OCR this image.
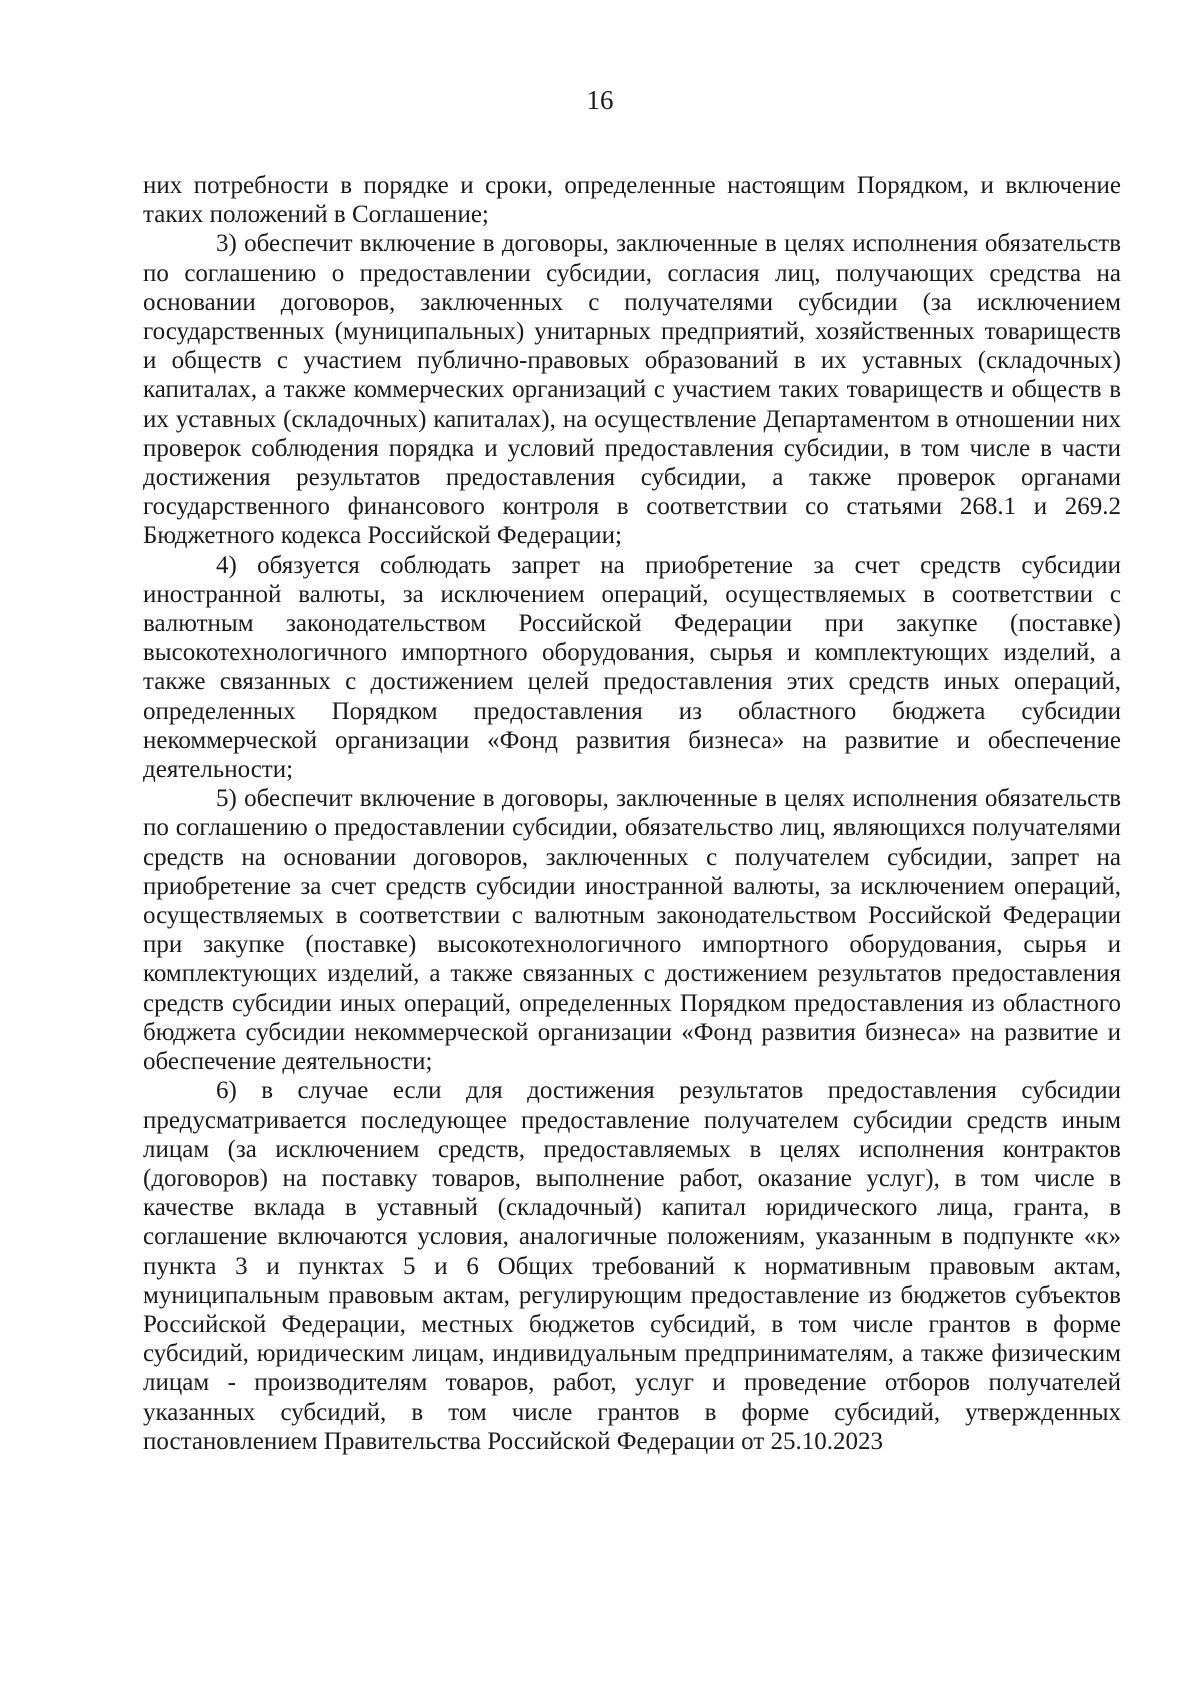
16

них потребности в порядке и сроки, определенные настоящим Порядком, и включение таких положений в Соглашение;

3) обеспечит включение в договоры, заключенные в целях исполнения обязательств по соглашению о предоставлении субсидии, согласия лиц, получающих средства на основании договоров, заключенных с получателями субсидии (за исключением государственных (муниципальных) унитарных предприятий, хозяйственных товариществ и обществ с участием публично-правовых образований в их уставных (складочных) капиталах, а также коммерческих организаций с участием таких товариществ и обществ в их уставных (складочных) капиталах), на осуществление Департаментом в отношении них проверок соблюдения порядка и условий предоставления субсидии, в том числе в части достижения результатов предоставления субсидии, а также проверок органами государственного финансового контроля в соответствии со статьями 268.1 и 269.2 Бюджетного кодекса Российской Федерации;

4) обязуется соблюдать запрет на приобретение за счет средств субсидии иностранной валюты, за исключением операций, осуществляемых в соответствии с валютным законодательством Российской Федерации при закупке (поставке) высокотехнологичного импортного оборудования, сырья и комплектующих изделий, а также связанных с достижением целей предоставления этих средств иных операций, определенных Порядком предоставления из областного бюджета субсидии некоммерческой организации «Фонд развития бизнеса» на развитие и обеспечение деятельности;

5) обеспечит включение в договоры, заключенные в целях исполнения обязательств по соглашению о предоставлении субсидии, обязательство лиц, являющихся получателями средств на основании договоров, заключенных с получателем субсидии, запрет на приобретение за счет средств субсидии иностранной валюты, за исключением операций, осуществляемых в соответствии с валютным законодательством Российской Федерации при закупке (поставке) высокотехнологичного импортного оборудования, сырья и комплектующих изделий, а также связанных с достижением результатов предоставления средств субсидии иных операций, определенных Порядком предоставления из областного бюджета субсидии некоммерческой организации «Фонд развития бизнеса» на развитие и обеспечение деятельности;

6) в случае если для достижения результатов предоставления субсидии предусматривается последующее предоставление получателем субсидии средств иным лицам (за исключением средств, предоставляемых в целях исполнения контрактов (договоров) на поставку товаров, выполнение работ, оказание услуг), в том числе в качестве вклада в уставный (складочный) капитал юридического лица, гранта, в соглашение включаются условия, аналогичные положениям, указанным в подпункте «к» пункта 3 и пунктах 5 и 6 Общих требований к нормативным правовым актам, муниципальным правовым актам, регулирующим предоставление из бюджетов субъектов Российской Федерации, местных бюджетов субсидий, в том числе грантов в форме субсидий, юридическим лицам, индивидуальным предпринимателям, а также физическим лицам - производителям товаров, работ, услуг и проведение отборов получателей указанных субсидий, в том числе грантов в форме субсидий, утвержденных постановлением Правительства Российской Федерации от 25.10.2023
